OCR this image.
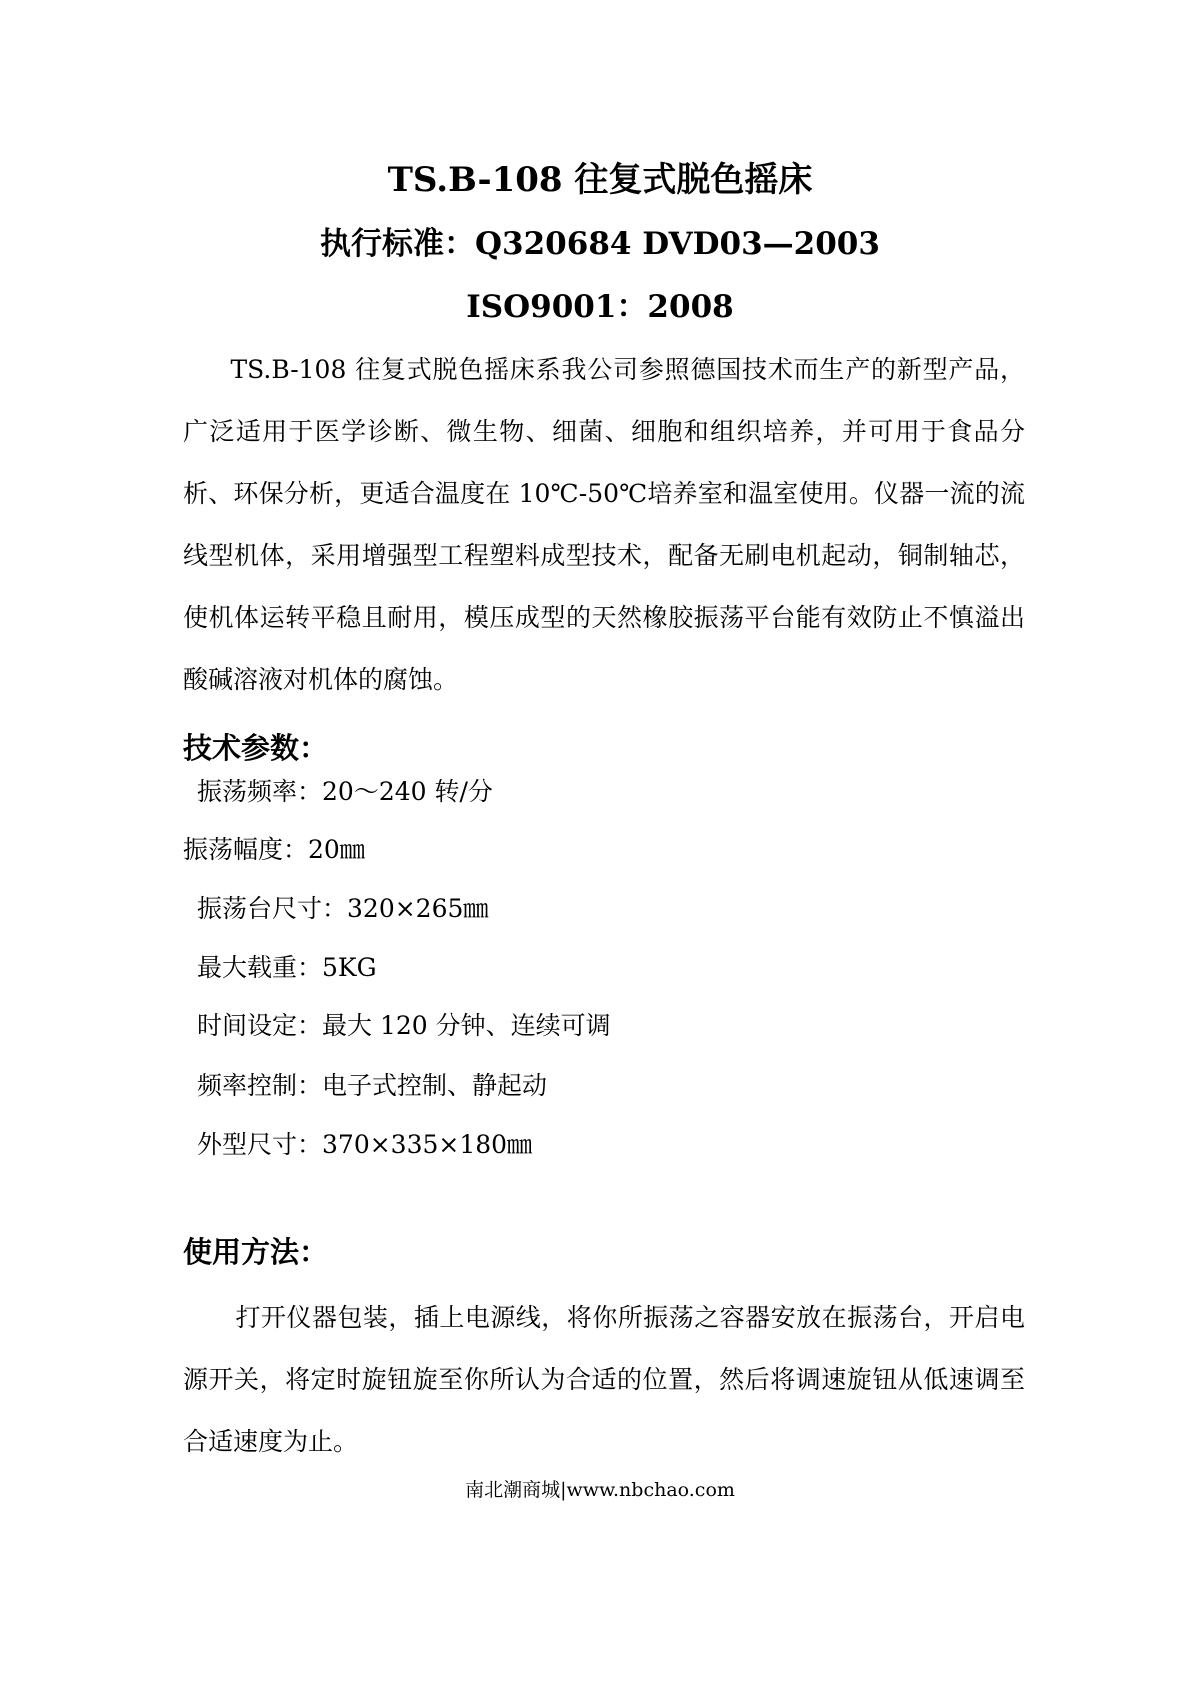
TS.B-108 往复式脱色摇床
执行标准：Q320684 DVD03—2003
ISO9001：2008

TS.B-108 往复式脱色摇床系我公司参照德国技术而生产的新型产品，广泛适用于医学诊断、微生物、细菌、细胞和组织培养，并可用于食品分析、环保分析，更适合温度在 10℃-50℃培养室和温室使用。仪器一流的流线型机体，采用增强型工程塑料成型技术，配备无刷电机起动，铜制轴芯，使机体运转平稳且耐用，模压成型的天然橡胶振荡平台能有效防止不慎溢出酸碱溶液对机体的腐蚀。

技术参数：
振荡频率：20～240 转/分
振荡幅度：20㎜
振荡台尺寸：320×265㎜
最大载重：5KG
时间设定：最大 120 分钟、连续可调
频率控制：电子式控制、静起动
外型尺寸：370×335×180㎜
使用方法：

打开仪器包装，插上电源线，将你所振荡之容器安放在振荡台，开启电源开关，将定时旋钮旋至你所认为合适的位置，然后将调速旋钮从低速调至合适速度为止。

南北潮商城|www.nbchao.com
